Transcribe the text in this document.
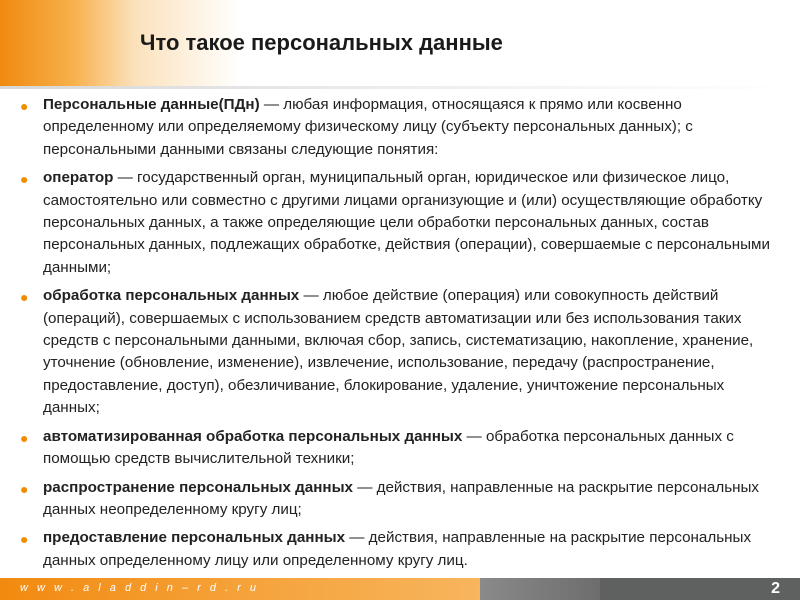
Что такое персональных данные
● Персональные данные(ПДн) — любая информация, относящаяся к прямо или косвенно определенному или определяемому физическому лицу (субъекту персональных данных); с персональными данными связаны следующие понятия:
● оператор — государственный орган, муниципальный орган, юридическое или физическое лицо, самостоятельно или совместно с другими лицами организующие и (или) осуществляющие обработку персональных данных, а также определяющие цели обработки персональных данных, состав персональных данных, подлежащих обработке, действия (операции), совершаемые с персональными данными;
● обработка персональных данных — любое действие (операция) или совокупность действий (операций), совершаемых с использованием средств автоматизации или без использования таких средств с персональными данными, включая сбор, запись, систематизацию, накопление, хранение, уточнение (обновление, изменение), извлечение, использование, передачу (распространение, предоставление, доступ), обезличивание, блокирование, удаление, уничтожение персональных данных;
● автоматизированная обработка персональных данных — обработка персональных данных с помощью средств вычислительной техники;
● распространение персональных данных — действия, направленные на раскрытие персональных данных неопределенному кругу лиц;
● предоставление персональных данных — действия, направленные на раскрытие персональных данных определенному лицу или определенному кругу лиц.
w w w . a l a d d i n – r d . r u	2
